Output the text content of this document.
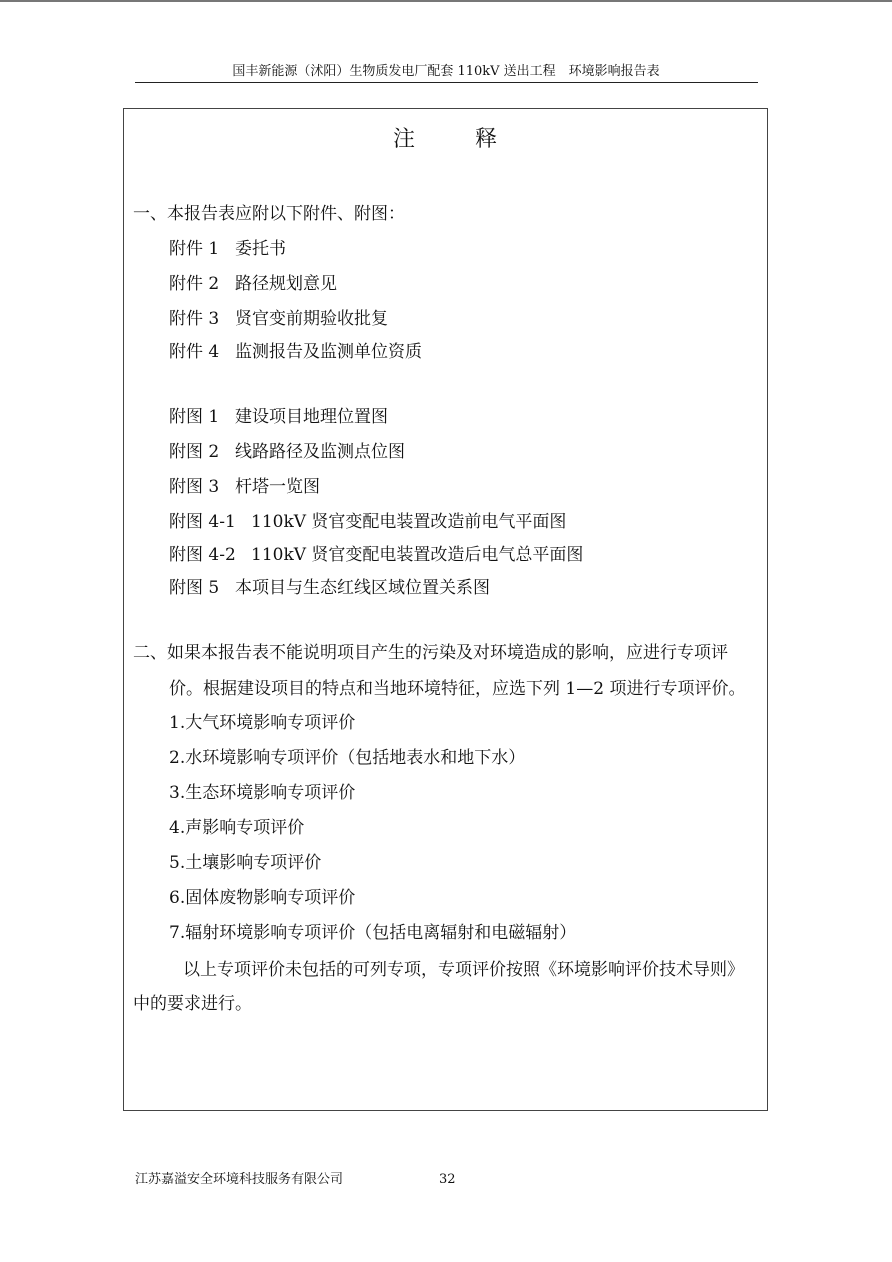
国丰新能源（沭阳）生物质发电厂配套 110kV 送出工程　环境影响报告表
注	释
一、本报告表应附以下附件、附图：
附件 1 委托书
附件 2 路径规划意见
附件 3 贤官变前期验收批复
附件 4 监测报告及监测单位资质
附图 1 建设项目地理位置图
附图 2 线路路径及监测点位图
附图 3 杆塔一览图
附图 4-1 110kV 贤官变配电装置改造前电气平面图
附图 4-2 110kV 贤官变配电装置改造后电气总平面图
附图 5 本项目与生态红线区域位置关系图
二、如果本报告表不能说明项目产生的污染及对环境造成的影响，应进行专项评
价。根据建设项目的特点和当地环境特征，应选下列 1—2 项进行专项评价。
1.大气环境影响专项评价
2.水环境影响专项评价（包括地表水和地下水）
3.生态环境影响专项评价
4.声影响专项评价
5.土壤影响专项评价
6.固体废物影响专项评价
7.辐射环境影响专项评价（包括电离辐射和电磁辐射）
以上专项评价未包括的可列专项，专项评价按照《环境影响评价技术导则》
中的要求进行。
江苏嘉溢安全环境科技服务有限公司	32
